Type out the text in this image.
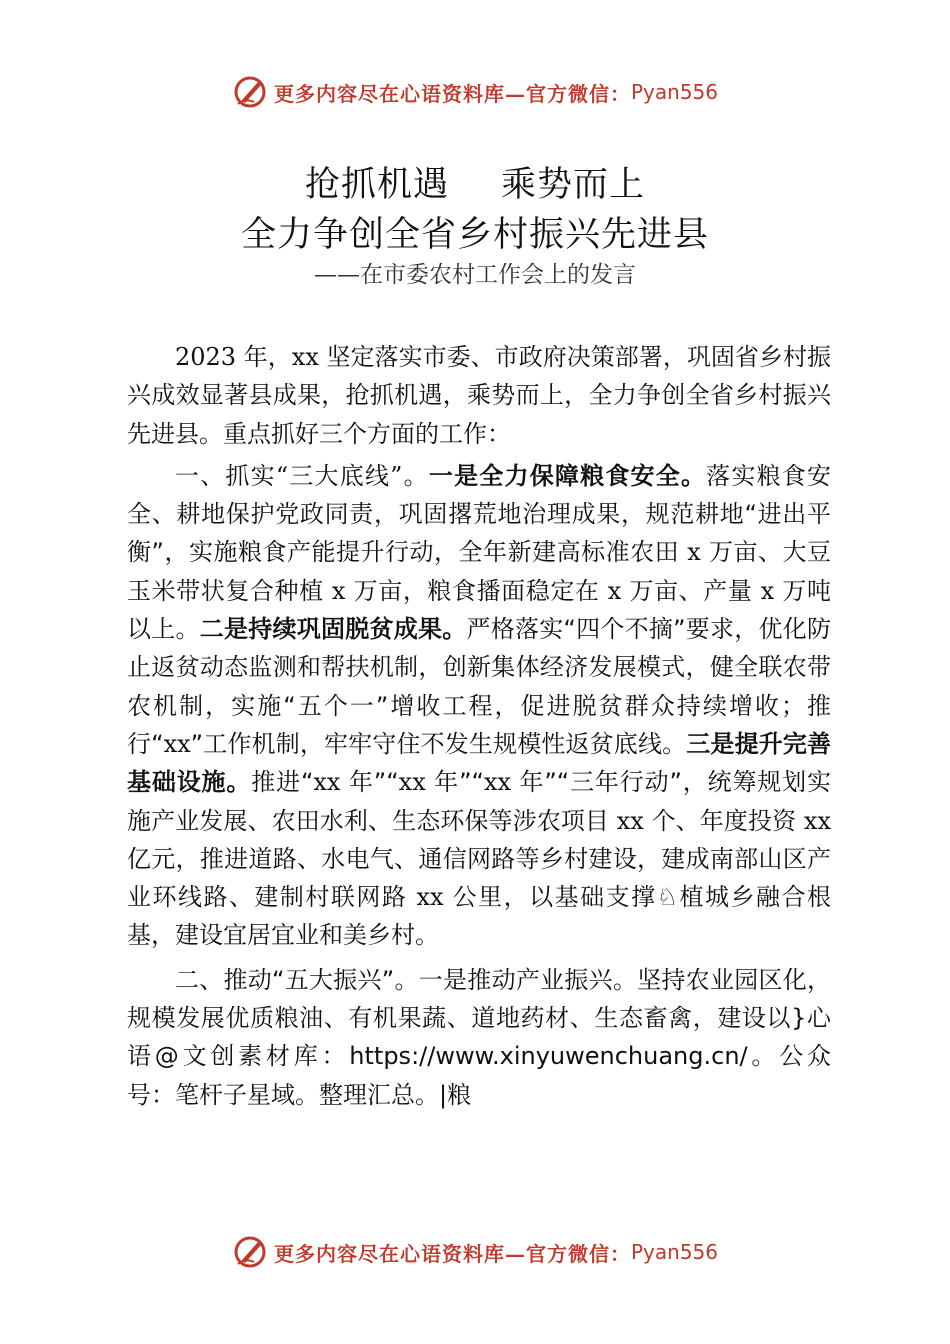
更多内容尽在心语资料库—官方微信： Pyan556
抢抓机遇 乘势而上
全力争创全省乡村振兴先进县
——在市委农村工作会上的发言

2023 年，xx 坚定落实市委、市政府决策部署，巩固省乡村振兴成效显著县成果，抢抓机遇，乘势而上，全力争创全省乡村振兴先进县。重点抓好三个方面的工作：

一、抓实“三大底线”。一是全力保障粮食安全。落实粮食安全、耕地保护党政同责，巩固撂荒地治理成果，规范耕地“进出平衡”，实施粮食产能提升行动，全年新建高标准农田 x 万亩、大豆玉米带状复合种植 x 万亩，粮食播面稳定在 x 万亩、产量 x 万吨以上。二是持续巩固脱贫成果。严格落实“四个不摘”要求，优化防止返贫动态监测和帮扶机制，创新集体经济发展模式，健全联农带农机制，实施“五个一”增收工程，促进脱贫群众持续增收；推行“xx”工作机制，牢牢守住不发生规模性返贫底线。三是提升完善基础设施。推进“xx 年”“xx 年”“xx 年”“三年行动”，统筹规划实施产业发展、农田水利、生态环保等涉农项目 xx 个、年度投资 xx 亿元，推进道路、水电气、通信网路等乡村建设，建成南部山区产业环线路、建制村联网路 xx 公里，以基础支撑♘植城乡融合根基，建设宜居宜业和美乡村。

二、推动“五大振兴”。一是推动产业振兴。坚持农业园区化， 规模发展优质粮油、有机果蔬、道地药材、生态畜禽，建设以}心语@文创素材库：https://www.xinyuwenchuang.cn/。公众号：笔杆子星域。整理汇总。|粮

更多内容尽在心语资料库—官方微信： Pyan556
